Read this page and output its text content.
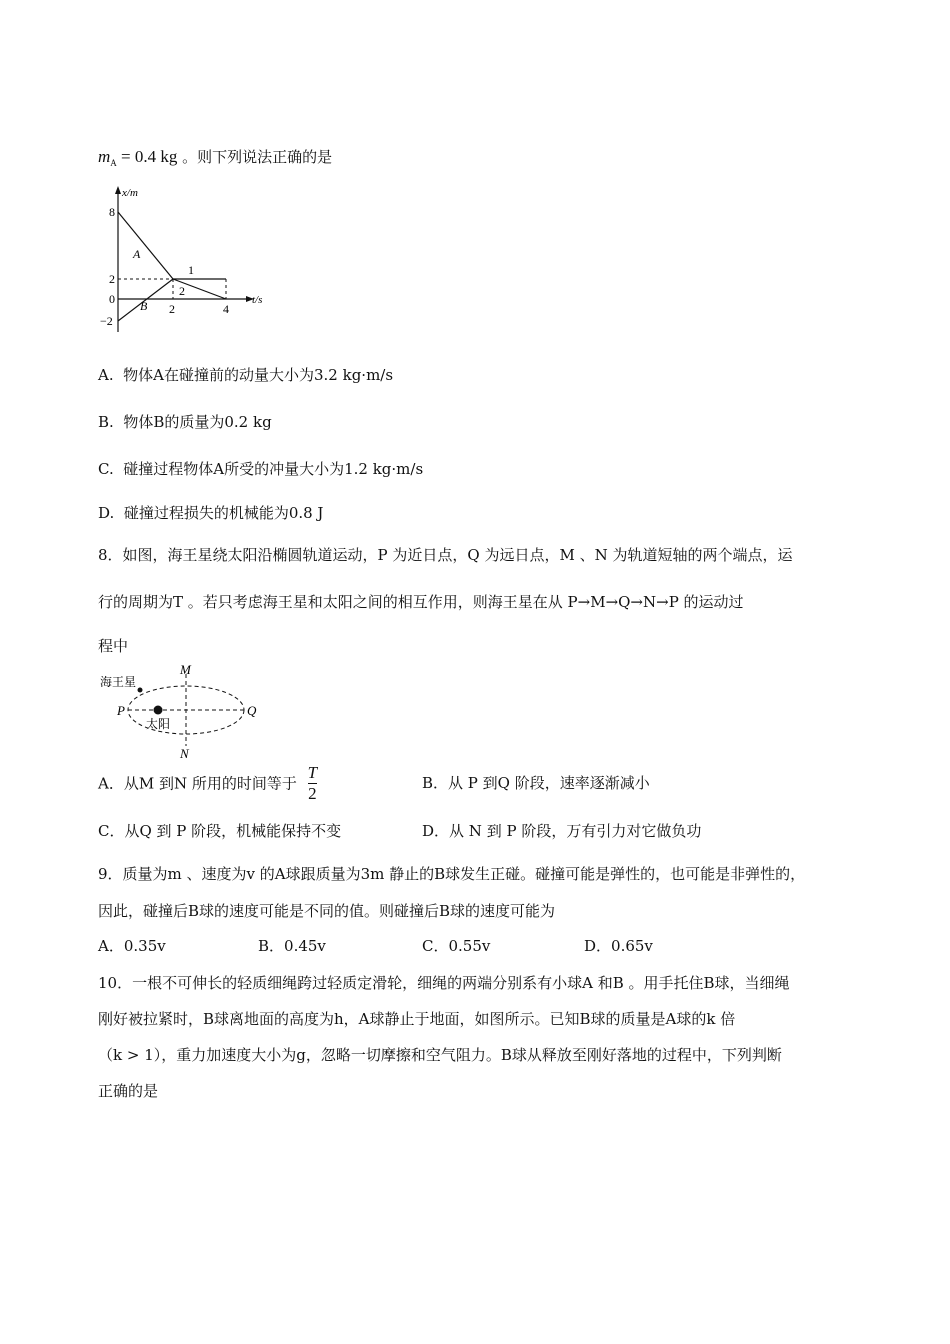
$m_A = 0.4$ kg 。则下列说法正确的是
x/m
t/s
8
2
0
−2
2	4
A
B
1
2
A. 物体A在碰撞前的动量大小为3.2 kg·m/s
B. 物体B的质量为0.2 kg
C. 碰撞过程物体A所受的冲量大小为1.2 kg·m/s
D. 碰撞过程损失的机械能为0.8 J
8．如图，海王星绕太阳沿椭圆轨道运动，P 为近日点，Q 为远日点，M 、N 为轨道短轴的两个端点，运
行的周期为T 。若只考虑海王星和太阳之间的相互作用，则海王星在从 P→M→Q→N→P 的运动过
程中
海王星
太阳
P	Q
M
N
A．从M 到N 所用的时间等于 $\frac{T}{2}$	B．从 P 到Q 阶段，速率逐渐减小
C．从Q 到 P 阶段，机械能保持不变	D．从 N 到 P 阶段，万有引力对它做负功
9．质量为m 、速度为v 的A球跟质量为3m 静止的B球发生正碰。碰撞可能是弹性的，也可能是非弹性的，
因此，碰撞后B球的速度可能是不同的值。则碰撞后B球的速度可能为
A．0.35v	B．0.45v	C．0.55v	D．0.65v
10．一根不可伸长的轻质细绳跨过轻质定滑轮，细绳的两端分别系有小球A 和B 。用手托住B球，当细绳
刚好被拉紧时，B球离地面的高度为h，A球静止于地面，如图所示。已知B球的质量是A球的k 倍
（k > 1），重力加速度大小为g，忽略一切摩擦和空气阻力。B球从释放至刚好落地的过程中，下列判断
正确的是
